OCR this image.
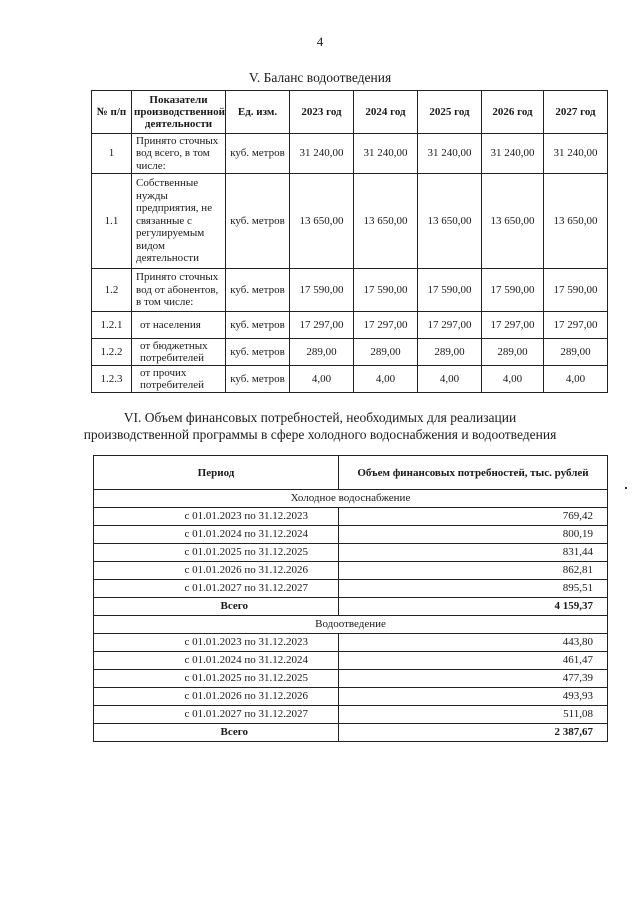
4
V. Баланс водоотведения
№ п/п	Показатели производственной деятельности	Ед. изм.	2023 год	2024 год	2025 год	2026 год	2027 год
1	Принято сточных вод всего, в том числе:	куб. метров	31 240,00	31 240,00	31 240,00	31 240,00	31 240,00
1.1	Собственные нужды предприятия, не связанные с регулируемым видом деятельности	куб. метров	13 650,00	13 650,00	13 650,00	13 650,00	13 650,00
1.2	Принято сточных вод от абонентов, в том числе:	куб. метров	17 590,00	17 590,00	17 590,00	17 590,00	17 590,00
1.2.1	от населения	куб. метров	17 297,00	17 297,00	17 297,00	17 297,00	17 297,00
1.2.2	от бюджетных потребителей	куб. метров	289,00	289,00	289,00	289,00	289,00
1.2.3	от прочих потребителей	куб. метров	4,00	4,00	4,00	4,00	4,00
VI. Объем финансовых потребностей, необходимых для реализации
производственной программы в сфере холодного водоснабжения и водоотведения
Период	Объем финансовых потребностей, тыс. рублей
Холодное водоснабжение	
с 01.01.2023 по 31.12.2023	769,42
с 01.01.2024 по 31.12.2024	800,19
с 01.01.2025 по 31.12.2025	831,44
с 01.01.2026 по 31.12.2026	862,81
с 01.01.2027 по 31.12.2027	895,51
Всего	4 159,37
Водоотведение	
с 01.01.2023 по 31.12.2023	443,80
с 01.01.2024 по 31.12.2024	461,47
с 01.01.2025 по 31.12.2025	477,39
с 01.01.2026 по 31.12.2026	493,93
с 01.01.2027 по 31.12.2027	511,08
Всего	2 387,67
